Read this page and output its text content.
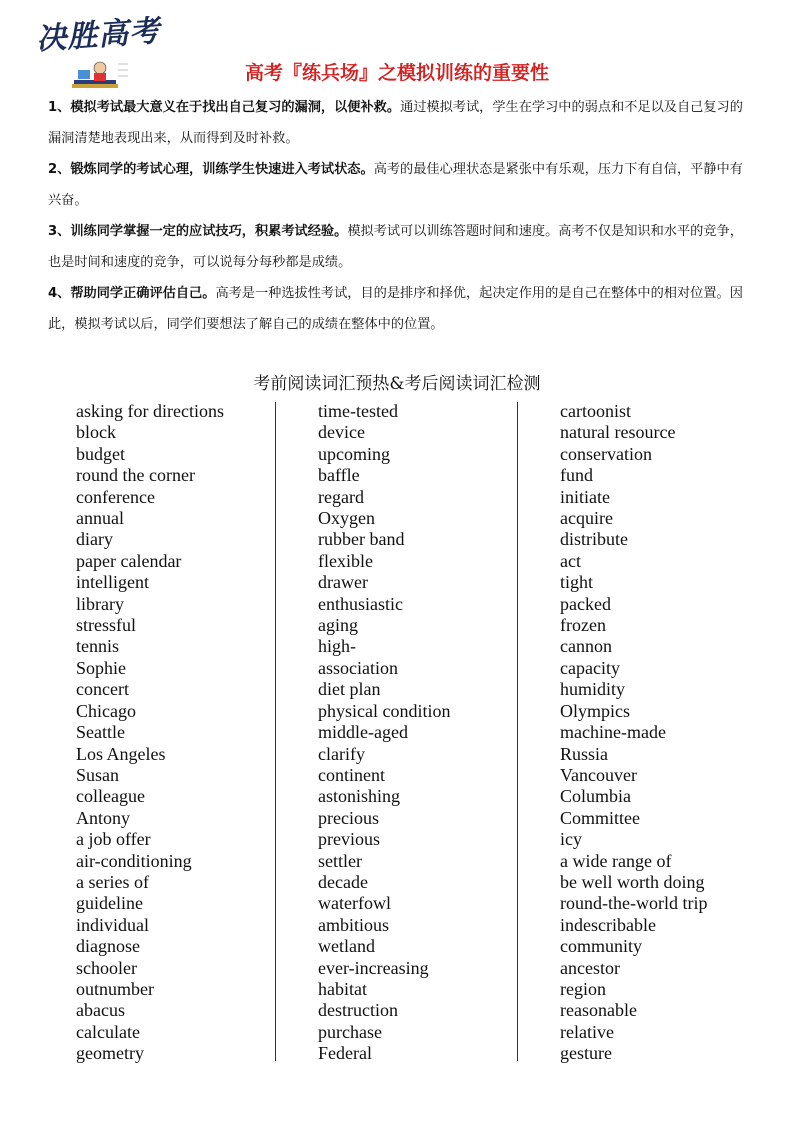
决胜高考
高考『练兵场』之模拟训练的重要性

1、模拟考试最大意义在于找出自己复习的漏洞，以便补救。通过模拟考试，学生在学习中的弱点和不足以及自己复习的漏洞清楚地表现出来，从而得到及时补救。

2、锻炼同学的考试心理，训练学生快速进入考试状态。高考的最佳心理状态是紧张中有乐观，压力下有自信，平静中有兴奋。

3、训练同学掌握一定的应试技巧，积累考试经验。模拟考试可以训练答题时间和速度。高考不仅是知识和水平的竞争，也是时间和速度的竞争，可以说每分每秒都是成绩。

4、帮助同学正确评估自己。高考是一种选拔性考试，目的是排序和择优，起决定作用的是自己在整体中的相对位置。因此，模拟考试以后，同学们要想法了解自己的成绩在整体中的位置。

考前阅读词汇预热&考后阅读词汇检测
asking for directions
block
budget
round the corner
conference
annual
diary
paper calendar
intelligent
library
stressful
tennis
Sophie
concert
Chicago
Seattle
Los Angeles
Susan
colleague
Antony
a job offer
air-conditioning
a series of
guideline
individual
diagnose
schooler
outnumber
abacus
calculate
geometry
time-tested
device
upcoming
baffle
regard
Oxygen
rubber band
flexible
drawer
enthusiastic
aging
high-
association
diet plan
physical condition
middle-aged
clarify
continent
astonishing
precious
previous
settler
decade
waterfowl
ambitious
wetland
ever-increasing
habitat
destruction
purchase
Federal
cartoonist
natural resource
conservation
fund
initiate
acquire
distribute
act
tight
packed
frozen
cannon
capacity
humidity
Olympics
machine-made
Russia
Vancouver
Columbia
Committee
icy
a wide range of
be well worth doing
round-the-world trip
indescribable
community
ancestor
region
reasonable
relative
gesture
